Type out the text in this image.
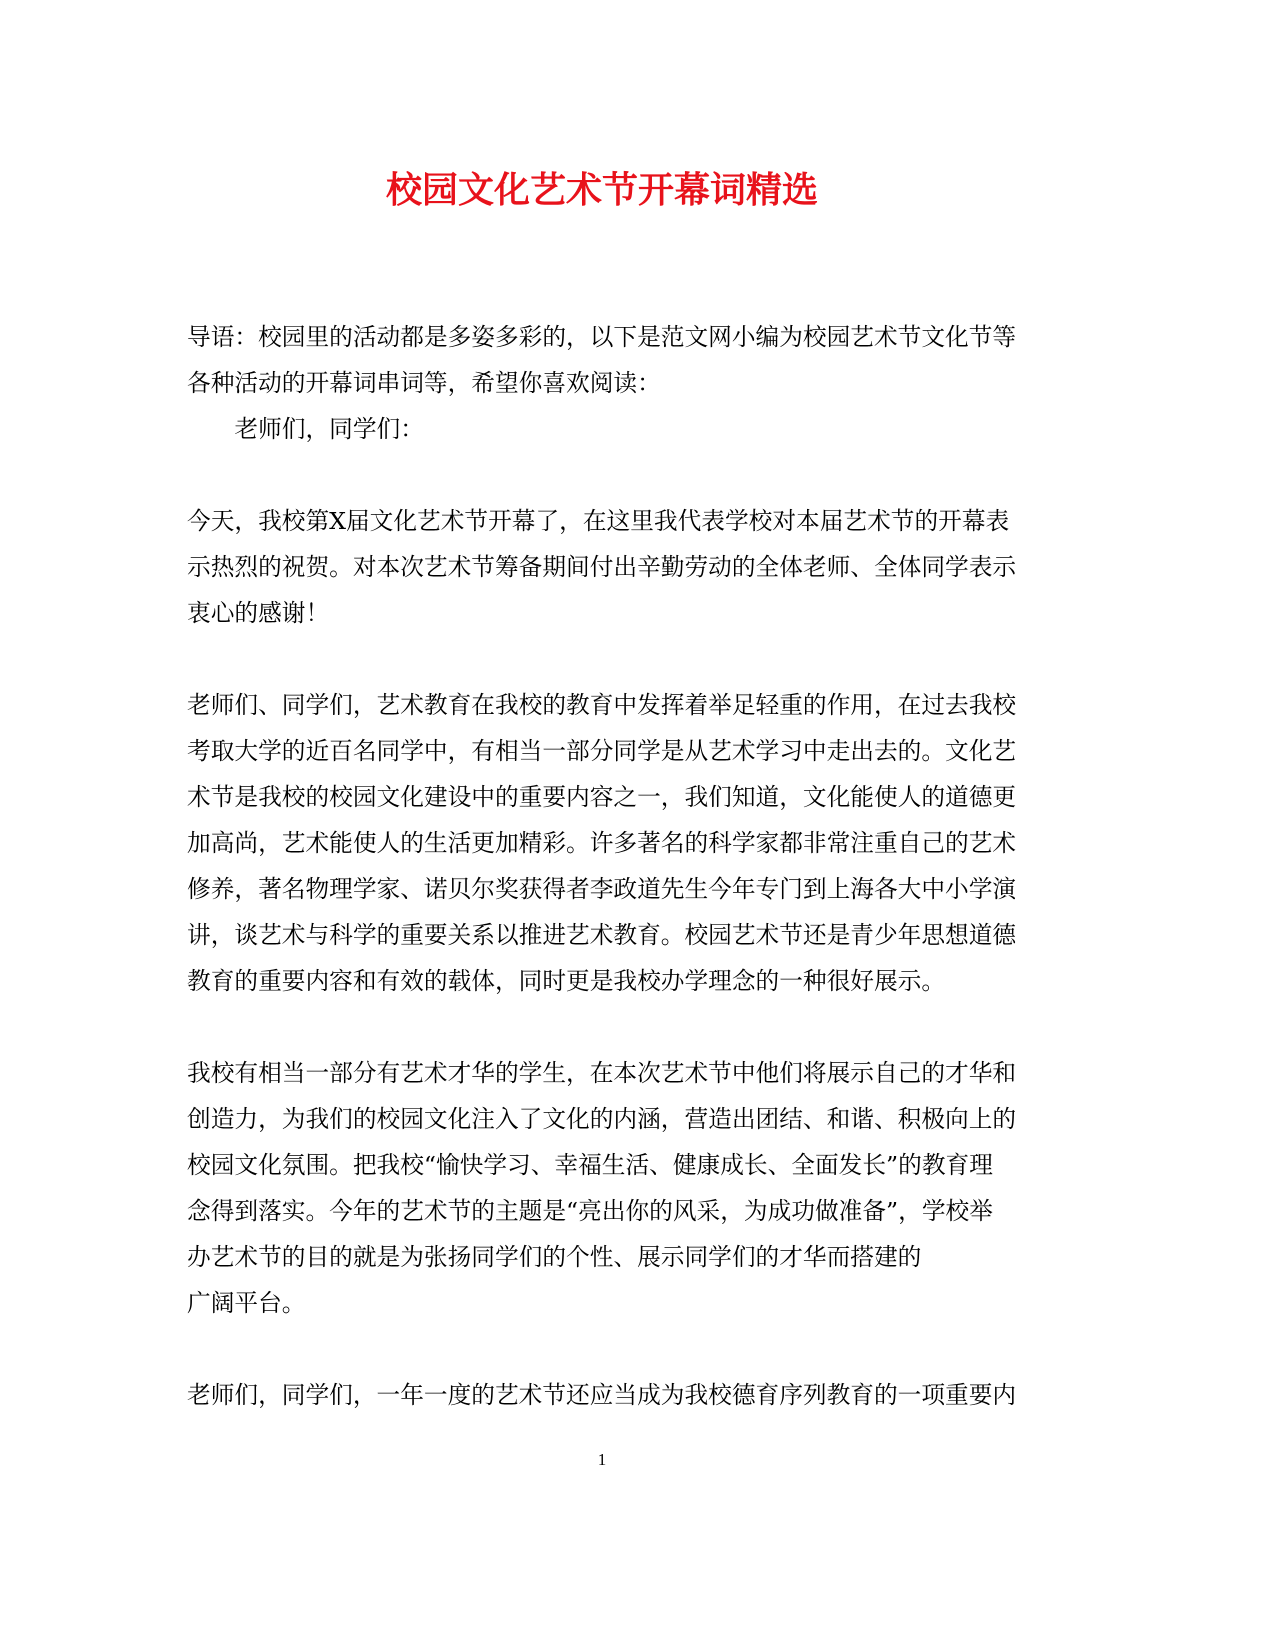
校园文化艺术节开幕词精选
导语：校园里的活动都是多姿多彩的，以下是范文网小编为校园艺术节文化节等
各种活动的开幕词串词等，希望你喜欢阅读：
老师们，同学们：
今天，我校第X届文化艺术节开幕了，在这里我代表学校对本届艺术节的开幕表
示热烈的祝贺。对本次艺术节筹备期间付出辛勤劳动的全体老师、全体同学表示
衷心的感谢！
老师们、同学们，艺术教育在我校的教育中发挥着举足轻重的作用，在过去我校
考取大学的近百名同学中，有相当一部分同学是从艺术学习中走出去的。文化艺
术节是我校的校园文化建设中的重要内容之一，我们知道，文化能使人的道德更
加高尚，艺术能使人的生活更加精彩。许多著名的科学家都非常注重自己的艺术
修养，著名物理学家、诺贝尔奖获得者李政道先生今年专门到上海各大中小学演
讲，谈艺术与科学的重要关系以推进艺术教育。校园艺术节还是青少年思想道德
教育的重要内容和有效的载体，同时更是我校办学理念的一种很好展示。
我校有相当一部分有艺术才华的学生，在本次艺术节中他们将展示自己的才华和
创造力，为我们的校园文化注入了文化的内涵，营造出团结、和谐、积极向上的
校园文化氛围。把我校“愉快学习、幸福生活、健康成长、全面发长”的教育理
念得到落实。今年的艺术节的主题是“亮出你的风采，为成功做准备”，学校举
办艺术节的目的就是为张扬同学们的个性、展示同学们的才华而搭建的
广阔平台。
老师们，同学们，一年一度的艺术节还应当成为我校德育序列教育的一项重要内
1
